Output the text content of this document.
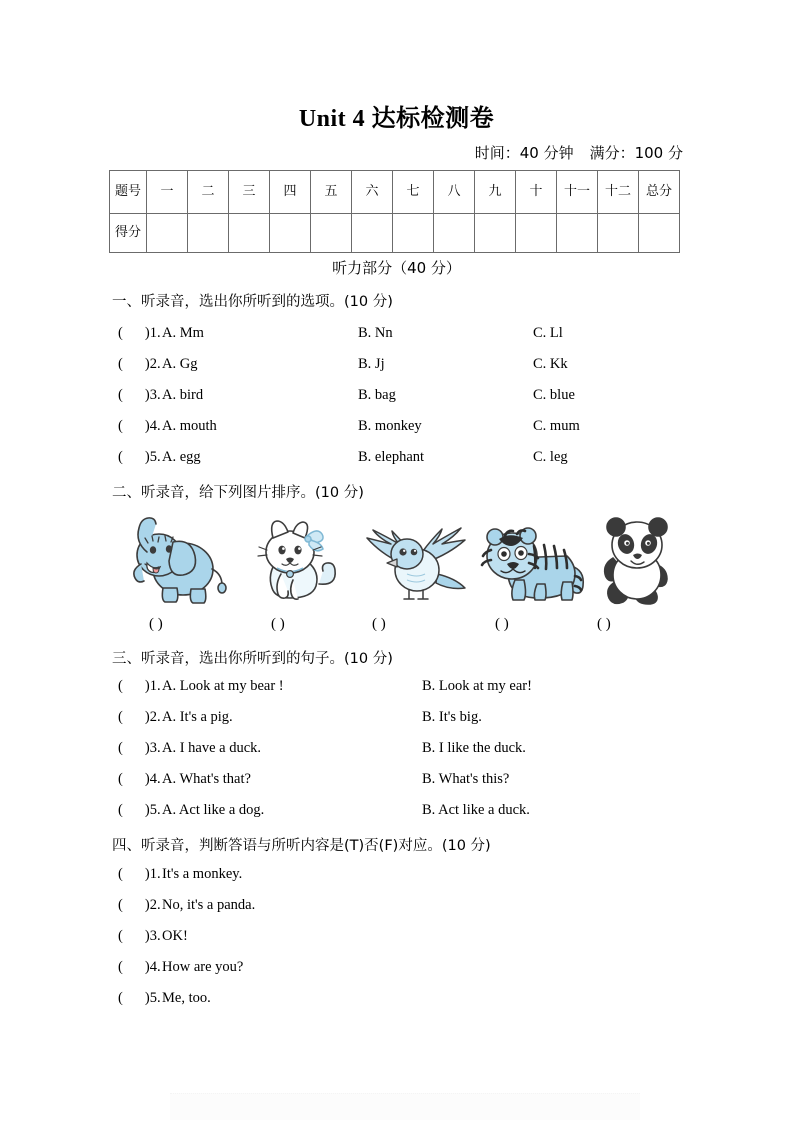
Unit 4 达标检测卷
时间：40 分钟 满分：100 分
题号	一	二	三	四	五	六	七	八	九	十	十一	十二	总分

得分													

听力部分（40 分）
一、听录音，选出你所听到的选项。(10 分)
( )1. A. Mm	B. Nn	C. Ll
( )2. A. Gg	B. Jj	C. Kk
( )3. A. bird	B. bag	C. blue
( )4. A. mouth	B. monkey	C. mum
( )5. A. egg	B. elephant	C. leg
二、听录音，给下列图片排序。(10 分)
( )	( )	( )	( )	( )
三、听录音，选出你所听到的句子。(10 分)
( )1. A. Look at my bear !	B. Look at my ear!
( )2. A. It's a pig.	B. It's big.
( )3. A. I have a duck.	B. I like the duck.
( )4. A. What's that?	B. What's this?
( )5. A. Act like a dog.	B. Act like a duck.
四、听录音，判断答语与所听内容是(T)否(F)对应。(10 分)
( )1. It's a monkey.
( )2. No, it's a panda.
( )3. OK!
( )4. How are you?
( )5. Me, too.
